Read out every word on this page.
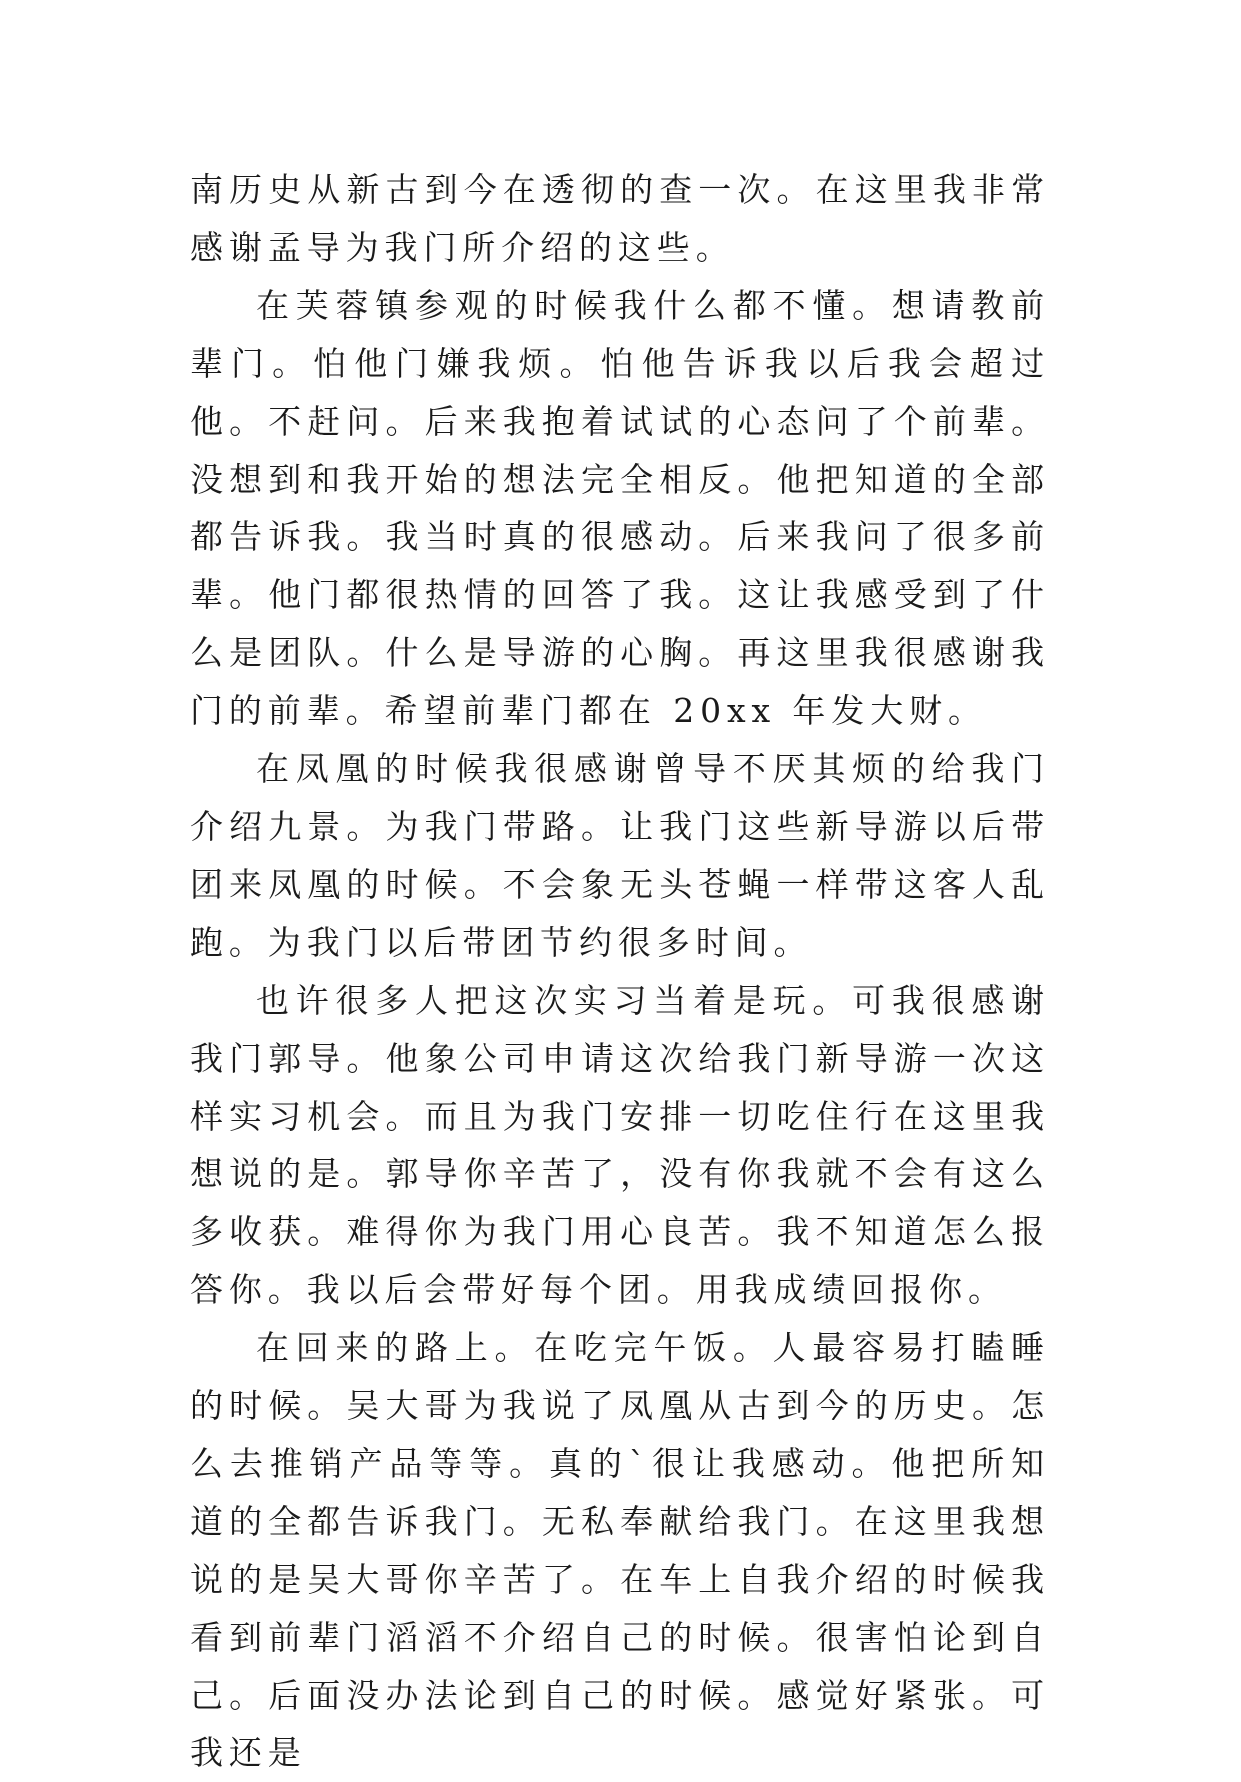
南历史从新古到今在透彻的查一次。在这里我非常感谢孟导为我门所介绍的这些。

在芙蓉镇参观的时候我什么都不懂。想请教前辈门。怕他门嫌我烦。怕他告诉我以后我会超过他。不赶问。后来我抱着试试的心态问了个前辈。没想到和我开始的想法完全相反。他把知道的全部都告诉我。我当时真的很感动。后来我问了很多前辈。他门都很热情的回答了我。这让我感受到了什么是团队。什么是导游的心胸。再这里我很感谢我门的前辈。希望前辈门都在 20xx 年发大财。

在凤凰的时候我很感谢曾导不厌其烦的给我门介绍九景。为我门带路。让我门这些新导游以后带团来凤凰的时候。不会象无头苍蝇一样带这客人乱跑。为我门以后带团节约很多时间。

也许很多人把这次实习当着是玩。可我很感谢我门郭导。他象公司申请这次给我门新导游一次这样实习机会。而且为我门安排一切吃住行在这里我想说的是。郭导你辛苦了，没有你我就不会有这么多收获。难得你为我门用心良苦。我不知道怎么报答你。我以后会带好每个团。用我成绩回报你。

在回来的路上。在吃完午饭。人最容易打瞌睡的时候。吴大哥为我说了凤凰从古到今的历史。怎么去推销产品等等。真的`很让我感动。他把所知道的全都告诉我门。无私奉献给我门。在这里我想说的是吴大哥你辛苦了。在车上自我介绍的时候我看到前辈门滔滔不介绍自己的时候。很害怕论到自己。后面没办法论到自己的时候。感觉好紧张。可我还是
